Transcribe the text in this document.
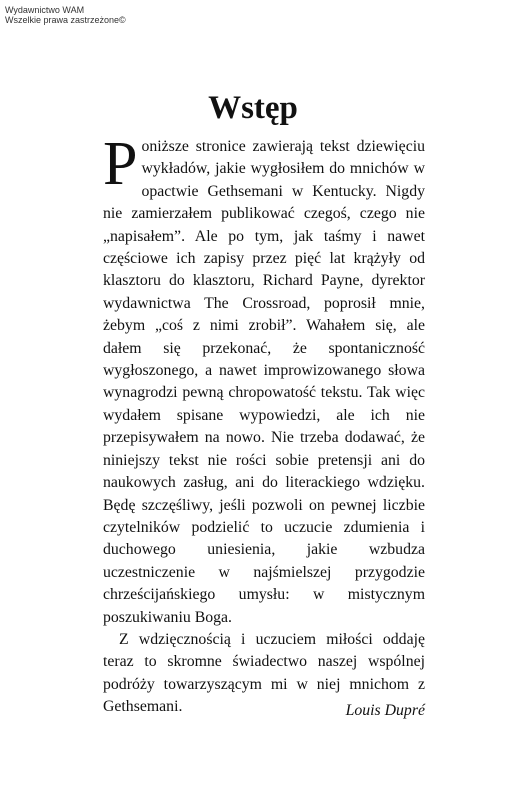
Wydawnictwo WAM
Wszelkie prawa zastrzeżone©
Wstęp

Poniższe stronice zawierają tekst dziewięciu wykładów, jakie wygłosiłem do mnichów w opactwie Gethsemani w Kentucky. Nigdy nie zamierzałem publikować czegoś, czego nie „napisałem”. Ale po tym, jak taśmy i nawet częściowe ich zapisy przez pięć lat krążyły od klasztoru do klasztoru, Richard Payne, dyrektor wydawnictwa The Crossroad, poprosił mnie, żebym „coś z nimi zrobił”. Wahałem się, ale dałem się przekonać, że spontaniczność wygłoszonego, a nawet improwizowanego słowa wynagrodzi pewną chropowatość tekstu. Tak więc wydałem spisane wypowiedzi, ale ich nie przepisywałem na nowo. Nie trzeba dodawać, że niniejszy tekst nie rości sobie pretensji ani do naukowych zasług, ani do literackiego wdzięku. Będę szczęśliwy, jeśli pozwoli on pewnej liczbie czytelników podzielić to uczucie zdumienia i duchowego uniesienia, jakie wzbudza uczestniczenie w najśmielszej przygodzie chrześcijańskiego umysłu: w mistycznym poszukiwaniu Boga.

Z wdzięcznością i uczuciem miłości oddaję teraz to skromne świadectwo naszej wspólnej podróży towarzyszącym mi w niej mnichom z Gethsemani.	Louis Dupré
